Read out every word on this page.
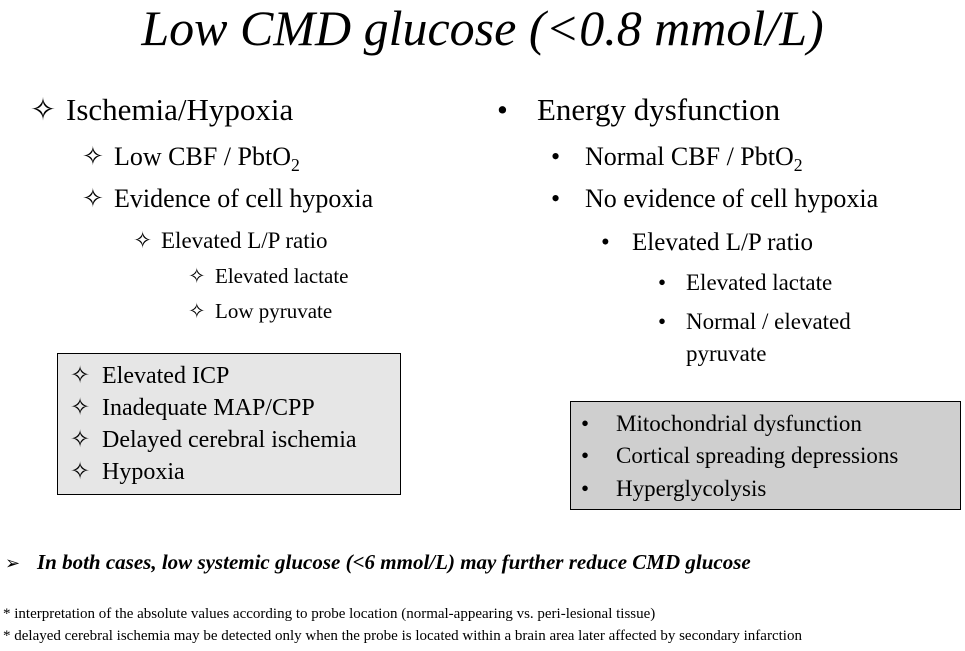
Low CMD glucose (<0.8 mmol/L)
✧ Ischemia/Hypoxia
✧ Low CBF / PbtO$_2$
✧ Evidence of cell hypoxia
✧ Elevated L/P ratio
✧ Elevated lactate
✧ Low pyruvate
✧ Elevated ICP
✧ Inadequate MAP/CPP
✧ Delayed cerebral ischemia
✧ Hypoxia
• Energy dysfunction
• Normal CBF / PbtO$_2$
• No evidence of cell hypoxia
• Elevated L/P ratio
• Elevated lactate
• Normal / elevated
pyruvate
• Mitochondrial dysfunction
• Cortical spreading depressions
• Hyperglycolysis
➢ In both cases, low systemic glucose (<6 mmol/L) may further reduce CMD glucose
* interpretation of the absolute values according to probe location (normal-appearing vs. peri-lesional tissue)
* delayed cerebral ischemia may be detected only when the probe is located within a brain area later affected by secondary infarction
